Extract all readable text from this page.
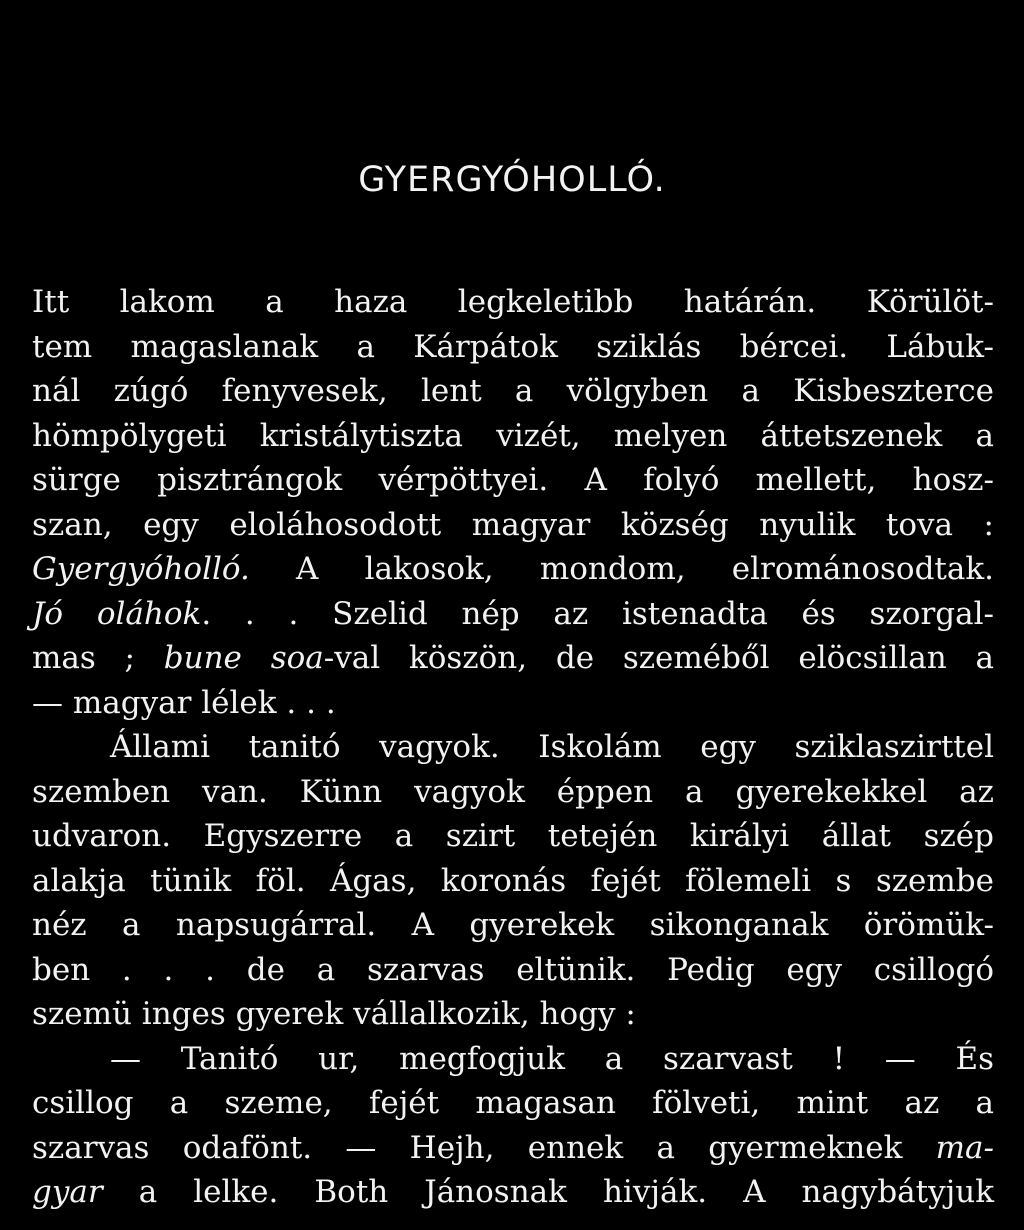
GYERGYÓHOLLÓ.
Itt lakom a haza legkeletibb határán. Körülöt-
tem magaslanak a Kárpátok sziklás bércei. Lábuk-
nál zúgó fenyvesek, lent a völgyben a Kisbeszterce
hömpölygeti kristálytiszta vizét, melyen áttetszenek a
sürge pisztrángok vérpöttyei. A folyó mellett, hosz-
szan, egy eloláhosodott magyar község nyulik tova :
Gyergyóholló. A lakosok, mondom, elrománosodtak.
Jó oláhok. . . Szelid nép az istenadta és szorgal-
mas ; bune soa-val köszön, de szeméből elöcsillan a
— magyar lélek . . .
Állami tanitó vagyok. Iskolám egy sziklaszirttel
szemben van. Künn vagyok éppen a gyerekekkel az
udvaron. Egyszerre a szirt tetején királyi állat szép
alakja tünik föl. Ágas, koronás fejét fölemeli s szembe
néz a napsugárral. A gyerekek sikonganak örömük-
ben . . . de a szarvas eltünik. Pedig egy csillogó
szemü inges gyerek vállalkozik, hogy :
— Tanitó ur, megfogjuk a szarvast ! — És
csillog a szeme, fejét magasan fölveti, mint az a
szarvas odafönt. — Hejh, ennek a gyermeknek ma-
gyar a lelke. Both Jánosnak hivják. A nagybátyjuk
